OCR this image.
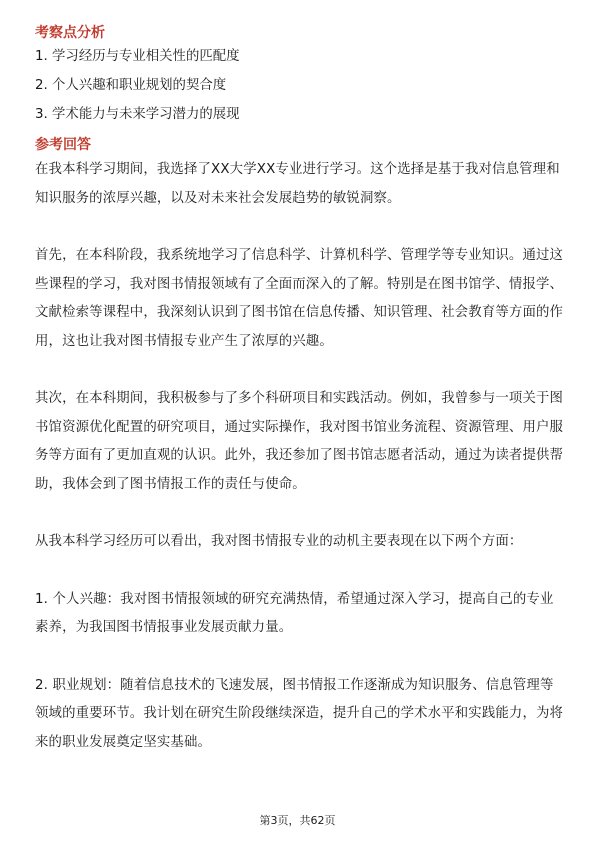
考察点分析
1. 学习经历与专业相关性的匹配度
2. 个人兴趣和职业规划的契合度
3. 学术能力与未来学习潜力的展现
参考回答

在我本科学习期间，我选择了XX大学XX专业进行学习。这个选择是基于我对信息管理和知识服务的浓厚兴趣，以及对未来社会发展趋势的敏锐洞察。

首先，在本科阶段，我系统地学习了信息科学、计算机科学、管理学等专业知识。通过这些课程的学习，我对图书情报领域有了全面而深入的了解。特别是在图书馆学、情报学、文献检索等课程中，我深刻认识到了图书馆在信息传播、知识管理、社会教育等方面的作用，这也让我对图书情报专业产生了浓厚的兴趣。

其次，在本科期间，我积极参与了多个科研项目和实践活动。例如，我曾参与一项关于图书馆资源优化配置的研究项目，通过实际操作，我对图书馆业务流程、资源管理、用户服务等方面有了更加直观的认识。此外，我还参加了图书馆志愿者活动，通过为读者提供帮助，我体会到了图书情报工作的责任与使命。

从我本科学习经历可以看出，我对图书情报专业的动机主要表现在以下两个方面：

1. 个人兴趣：我对图书情报领域的研究充满热情，希望通过深入学习，提高自己的专业素养，为我国图书情报事业发展贡献力量。

2. 职业规划：随着信息技术的飞速发展，图书情报工作逐渐成为知识服务、信息管理等领域的重要环节。我计划在研究生阶段继续深造，提升自己的学术水平和实践能力，为将来的职业发展奠定坚实基础。

第3页，共62页
